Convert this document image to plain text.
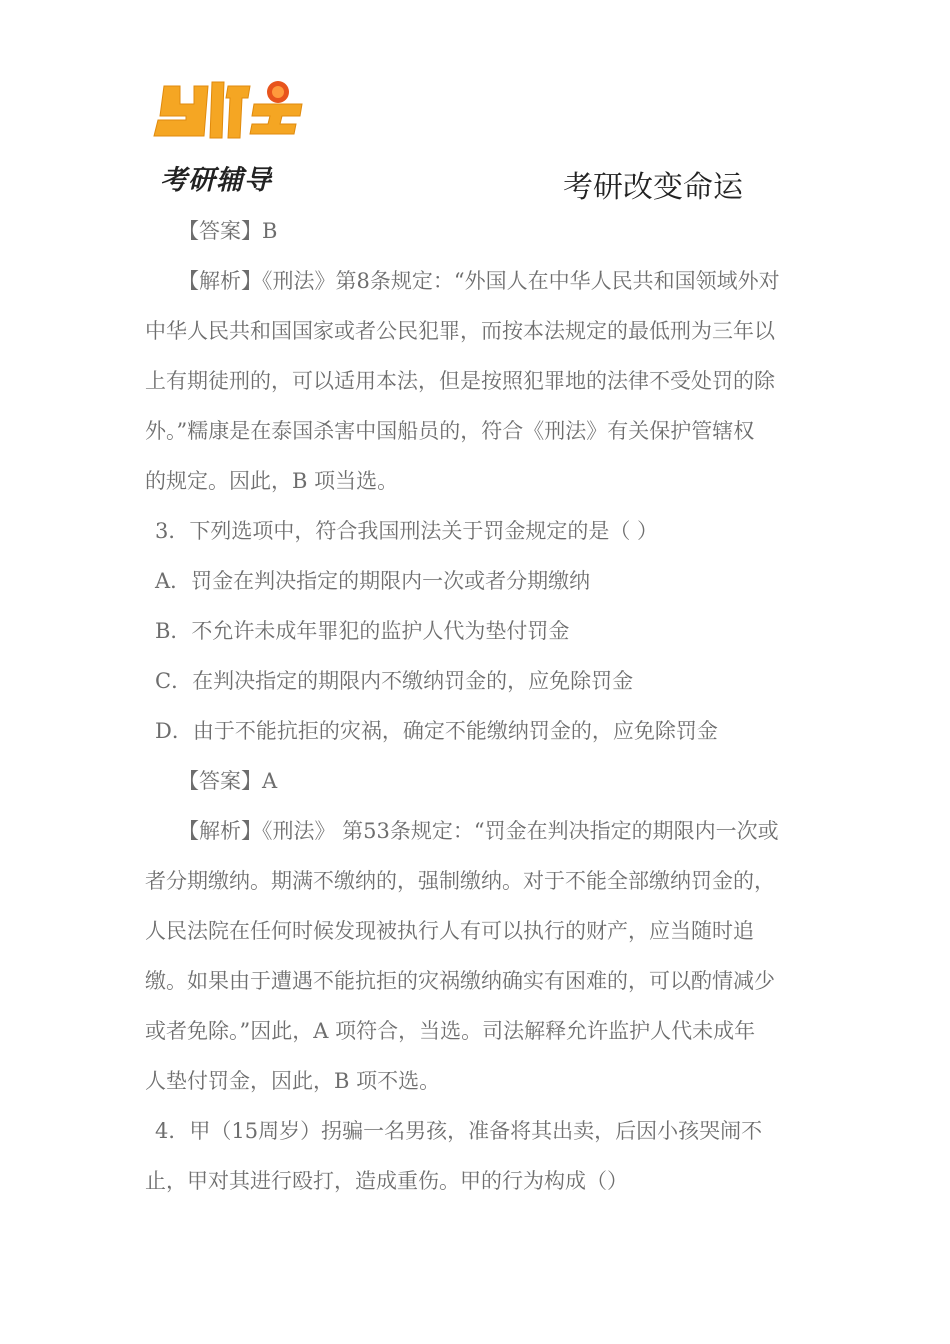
考研辅导	考研改变命运
【答案】B
【解析】《刑法》第8条规定：“外国人在中华人民共和国领域外对
中华人民共和国国家或者公民犯罪，而按本法规定的最低刑为三年以
上有期徒刑的，可以适用本法，但是按照犯罪地的法律不受处罚的除
外。”糯康是在泰国杀害中国船员的，符合《刑法》有关保护管辖权
的规定。因此，B 项当选。
3．下列选项中，符合我国刑法关于罚金规定的是（ ）
A．罚金在判决指定的期限内一次或者分期缴纳
B．不允许未成年罪犯的监护人代为垫付罚金
C．在判决指定的期限内不缴纳罚金的，应免除罚金
D．由于不能抗拒的灾祸，确定不能缴纳罚金的，应免除罚金
【答案】A
【解析】《刑法》 第53条规定：“罚金在判决指定的期限内一次或
者分期缴纳。期满不缴纳的，强制缴纳。对于不能全部缴纳罚金的，
人民法院在任何时候发现被执行人有可以执行的财产，应当随时追
缴。如果由于遭遇不能抗拒的灾祸缴纳确实有困难的，可以酌情减少
或者免除。”因此，A 项符合，当选。司法解释允许监护人代未成年
人垫付罚金，因此，B 项不选。
4．甲（15周岁）拐骗一名男孩，准备将其出卖，后因小孩哭闹不
止，甲对其进行殴打，造成重伤。甲的行为构成（）
